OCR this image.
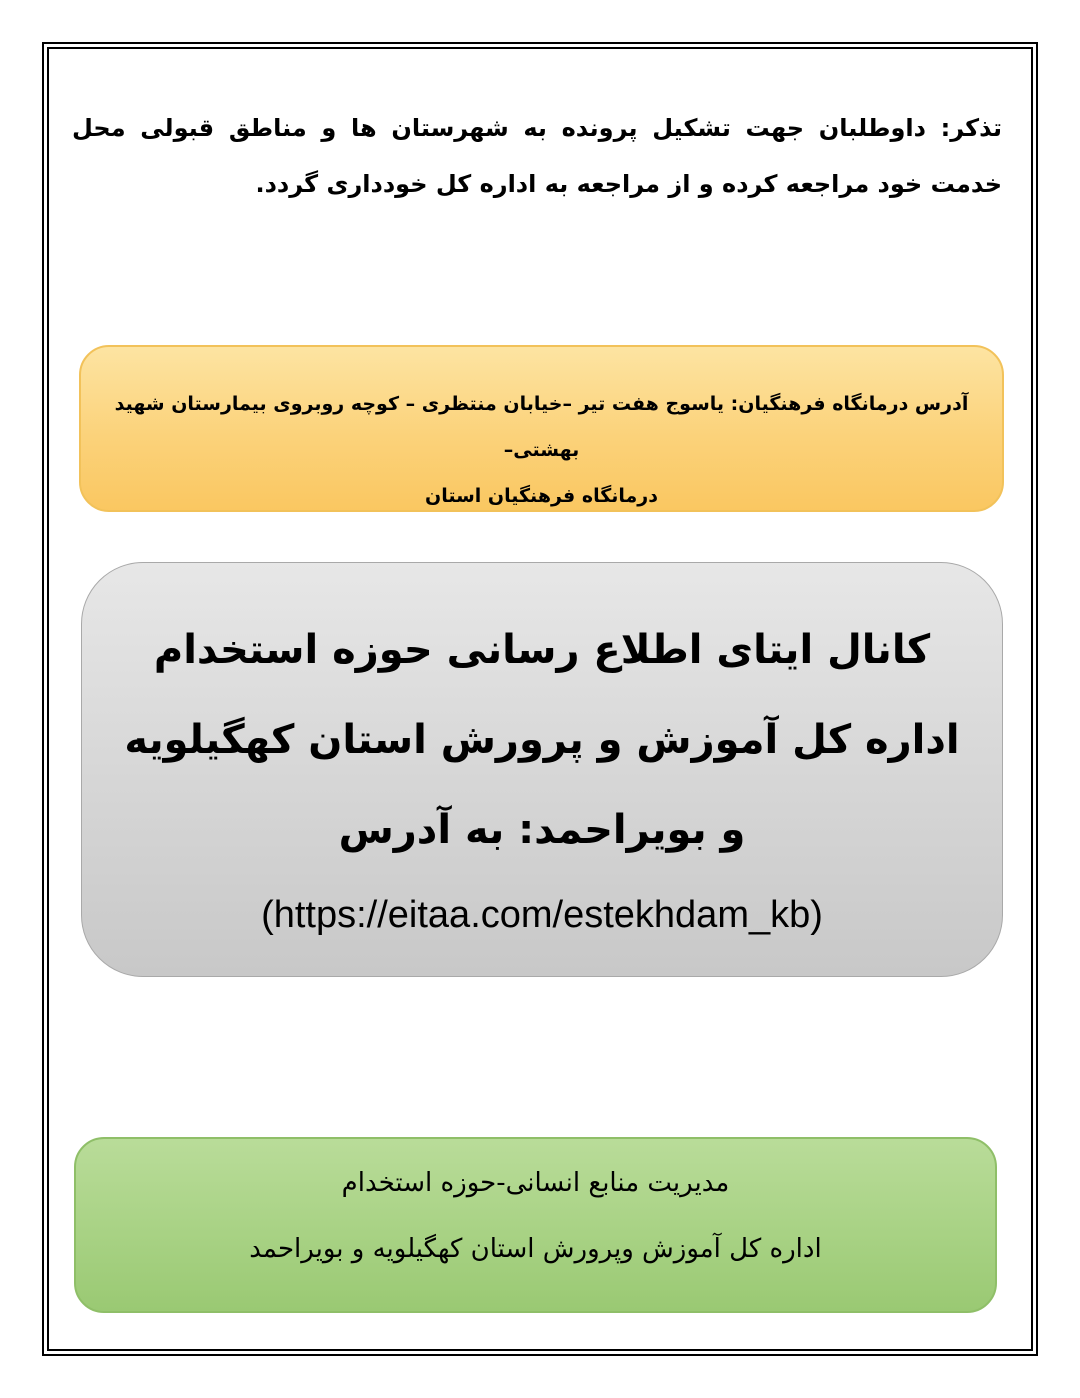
تذکر: داوطلبان جهت تشکیل پرونده به شهرستان ها و مناطق قبولی محل خدمت خود مراجعه کرده و از مراجعه به اداره کل خودداری گردد.
آدرس درمانگاه فرهنگیان: یاسوج هفت تیر –خیابان منتظری – کوچه روبروی بیمارستان شهید بهشتی–
درمانگاه فرهنگیان استان
کانال ایتای اطلاع رسانی حوزه استخدام اداره کل آموزش و پرورش استان کهگیلویه و بویراحمد: به آدرس
(https://eitaa.com/estekhdam_kb)
مدیریت منابع انسانی-حوزه استخدام
اداره کل آموزش وپرورش استان کهگیلویه و بویراحمد
